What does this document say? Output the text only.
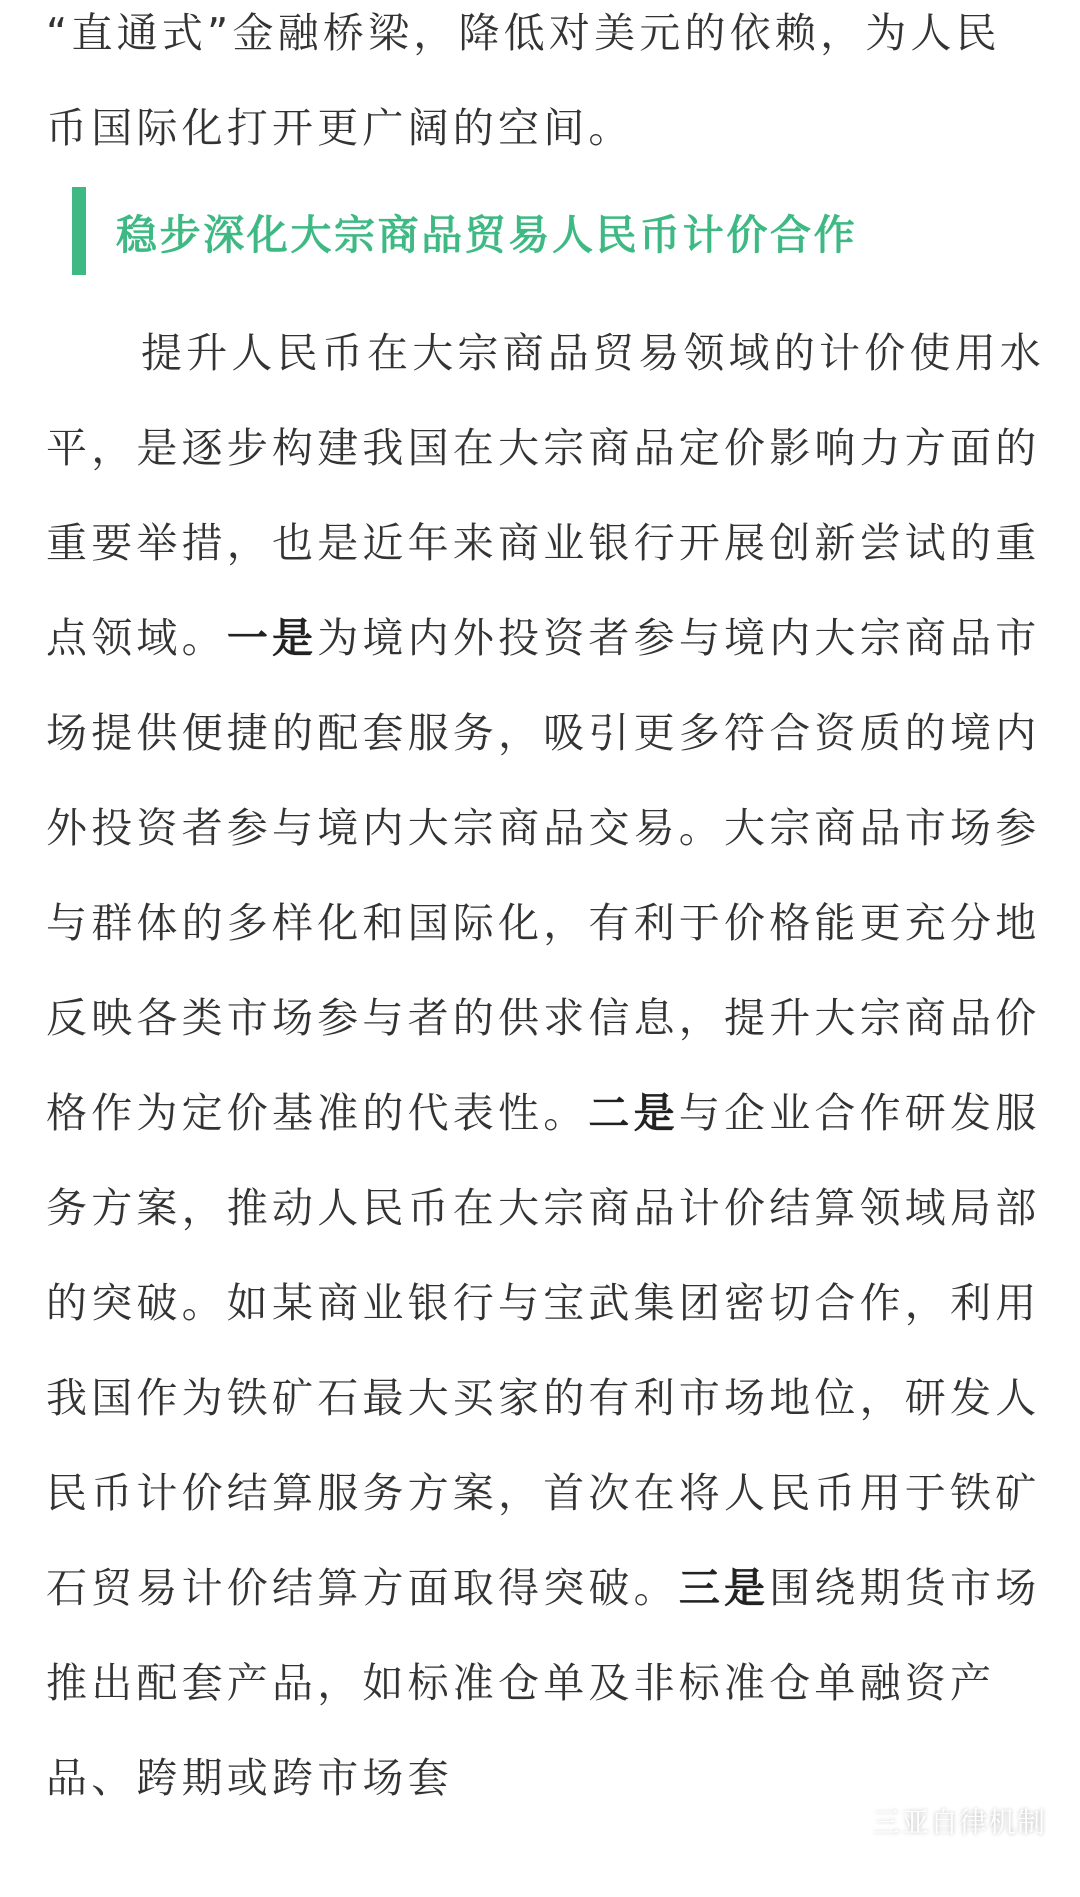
“直通式”金融桥梁，降低对美元的依赖，为人民币国际化打开更广阔的空间。

稳步深化大宗商品贸易人民币计价合作

提升人民币在大宗商品贸易领域的计价使用水平，是逐步构建我国在大宗商品定价影响力方面的重要举措，也是近年来商业银行开展创新尝试的重点领域。一是为境内外投资者参与境内大宗商品市场提供便捷的配套服务，吸引更多符合资质的境内外投资者参与境内大宗商品交易。大宗商品市场参与群体的多样化和国际化，有利于价格能更充分地反映各类市场参与者的供求信息，提升大宗商品价格作为定价基准的代表性。二是与企业合作研发服务方案，推动人民币在大宗商品计价结算领域局部的突破。如某商业银行与宝武集团密切合作，利用我国作为铁矿石最大买家的有利市场地位，研发人民币计价结算服务方案，首次在将人民币用于铁矿石贸易计价结算方面取得突破。三是围绕期货市场推出配套产品，如标准仓单及非标准仓单融资产品、跨期或跨市场套

三亚自律机制
